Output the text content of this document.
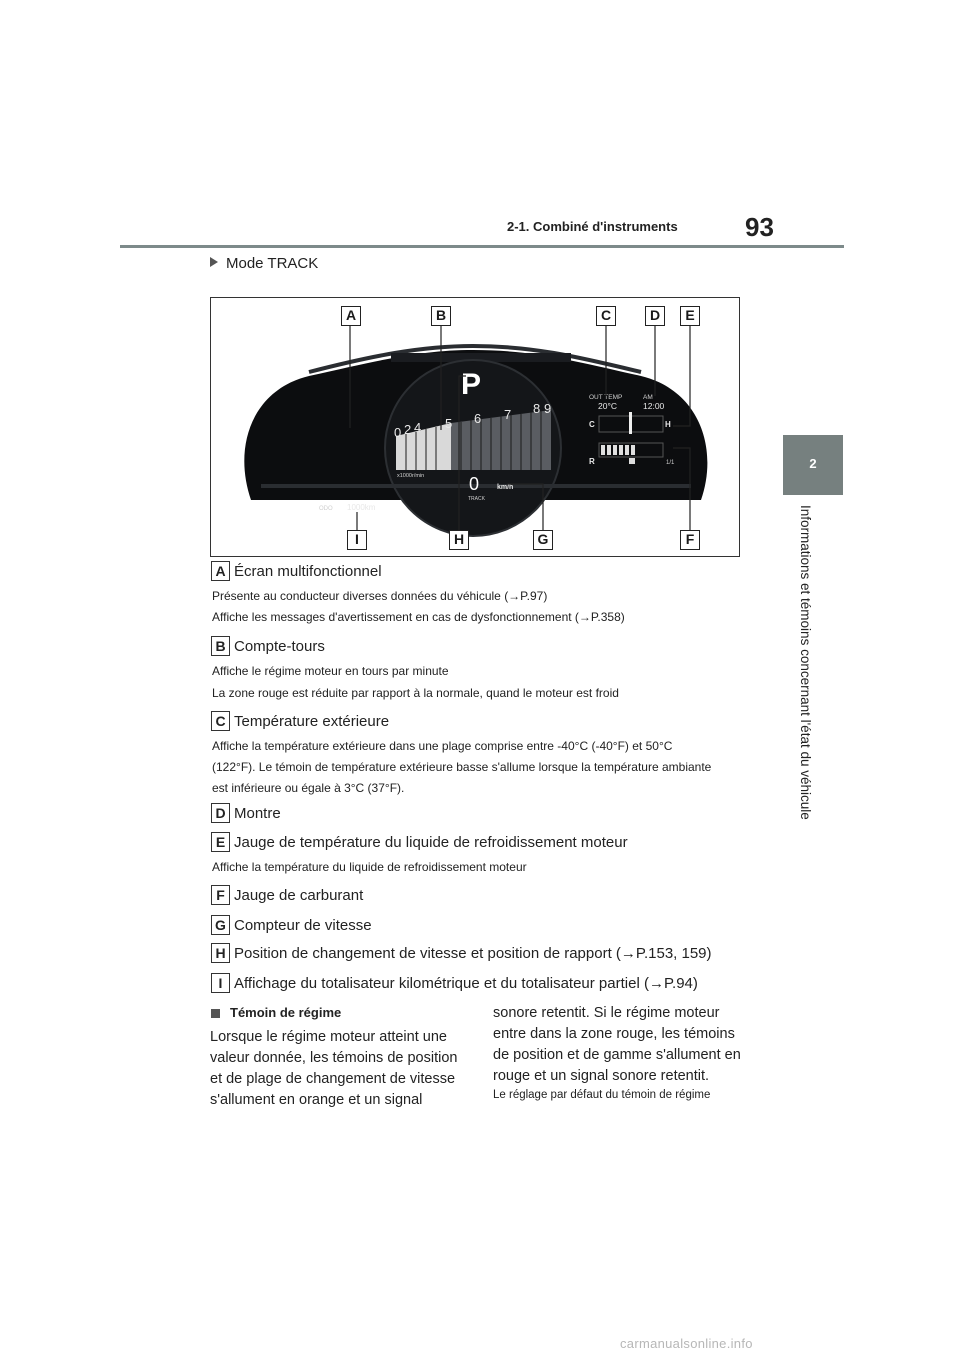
2-1. Combiné d'instruments	93
2
Informations et témoins concernant l'état du véhicule
Mode TRACK
0 2 4 5 6 7 8 9
x1000r/min
P
0	km/h
TRACK
ODO 1000km
OUT TEMP
20°C
AM
12:00
C	H
R	1/1
A	B	C	D	E
I	H	G	F
A Écran multifonctionnel
Présente au conducteur diverses données du véhicule (→P.97)
Affiche les messages d'avertissement en cas de dysfonctionnement (→P.358)
B Compte-tours
Affiche le régime moteur en tours par minute
La zone rouge est réduite par rapport à la normale, quand le moteur est froid
C Température extérieure
Affiche la température extérieure dans une plage comprise entre -40°C (-40°F) et 50°C
(122°F). Le témoin de température extérieure basse s'allume lorsque la température ambiante
est inférieure ou égale à 3°C (37°F).
D Montre
E Jauge de température du liquide de refroidissement moteur
Affiche la température du liquide de refroidissement moteur
F Jauge de carburant
G Compteur de vitesse
H Position de changement de vitesse et position de rapport (→P.153, 159)
I Affichage du totalisateur kilométrique et du totalisateur partiel (→P.94)
Témoin de régime
Lorsque le régime moteur atteint une
valeur donnée, les témoins de position
et de plage de changement de vitesse
s'allument en orange et un signal
sonore retentit. Si le régime moteur
entre dans la zone rouge, les témoins
de position et de gamme s'allument en
rouge et un signal sonore retentit.
Le réglage par défaut du témoin de régime
carmanualsonline.info
